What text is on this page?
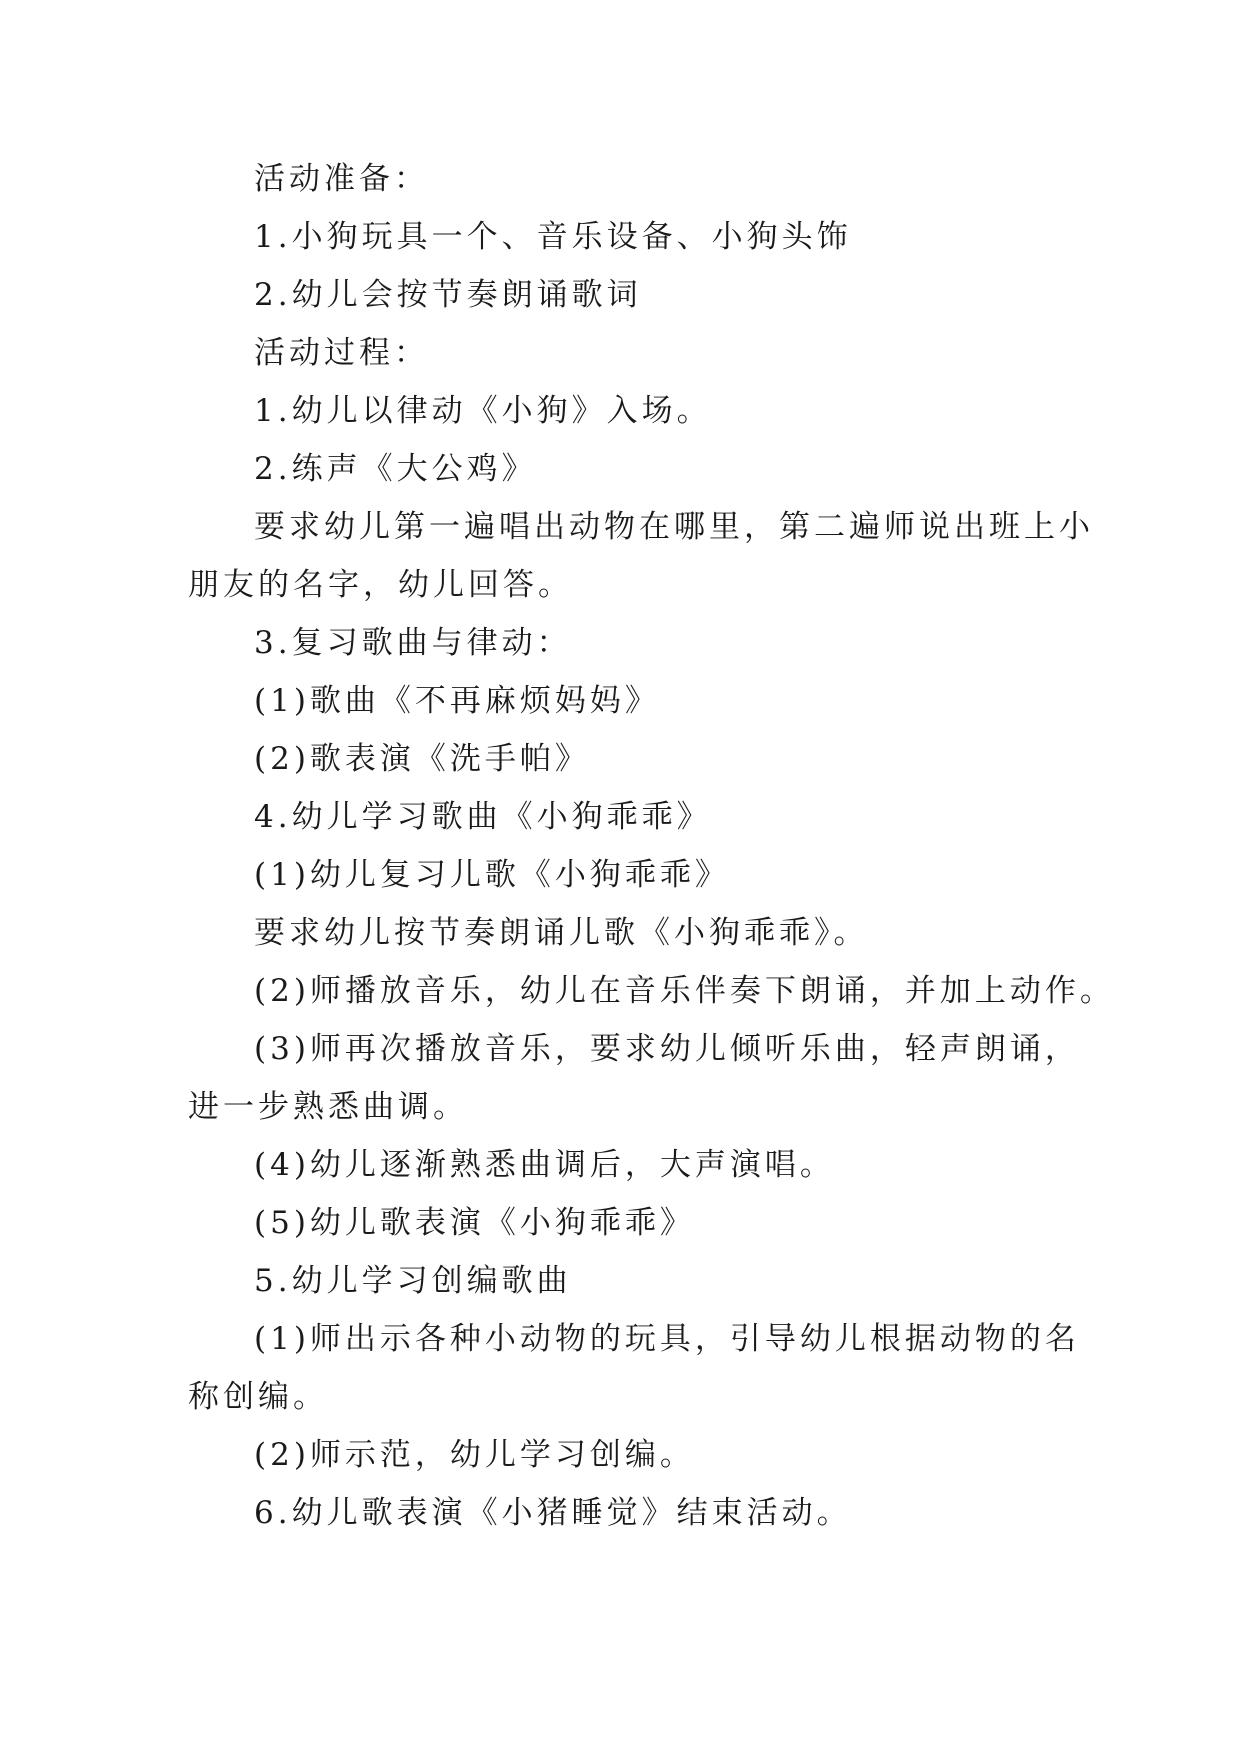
活动准备：
1.小狗玩具一个、音乐设备、小狗头饰
2.幼儿会按节奏朗诵歌词
活动过程：
1.幼儿以律动《小狗》入场。
2.练声《大公鸡》
要求幼儿第一遍唱出动物在哪里，第二遍师说出班上小
朋友的名字，幼儿回答。
3.复习歌曲与律动：
(1)歌曲《不再麻烦妈妈》
(2)歌表演《洗手帕》
4.幼儿学习歌曲《小狗乖乖》
(1)幼儿复习儿歌《小狗乖乖》
要求幼儿按节奏朗诵儿歌《小狗乖乖》。
(2)师播放音乐，幼儿在音乐伴奏下朗诵，并加上动作。
(3)师再次播放音乐，要求幼儿倾听乐曲，轻声朗诵，
进一步熟悉曲调。
(4)幼儿逐渐熟悉曲调后，大声演唱。
(5)幼儿歌表演《小狗乖乖》
5.幼儿学习创编歌曲
(1)师出示各种小动物的玩具，引导幼儿根据动物的名
称创编。
(2)师示范，幼儿学习创编。
6.幼儿歌表演《小猪睡觉》结束活动。
